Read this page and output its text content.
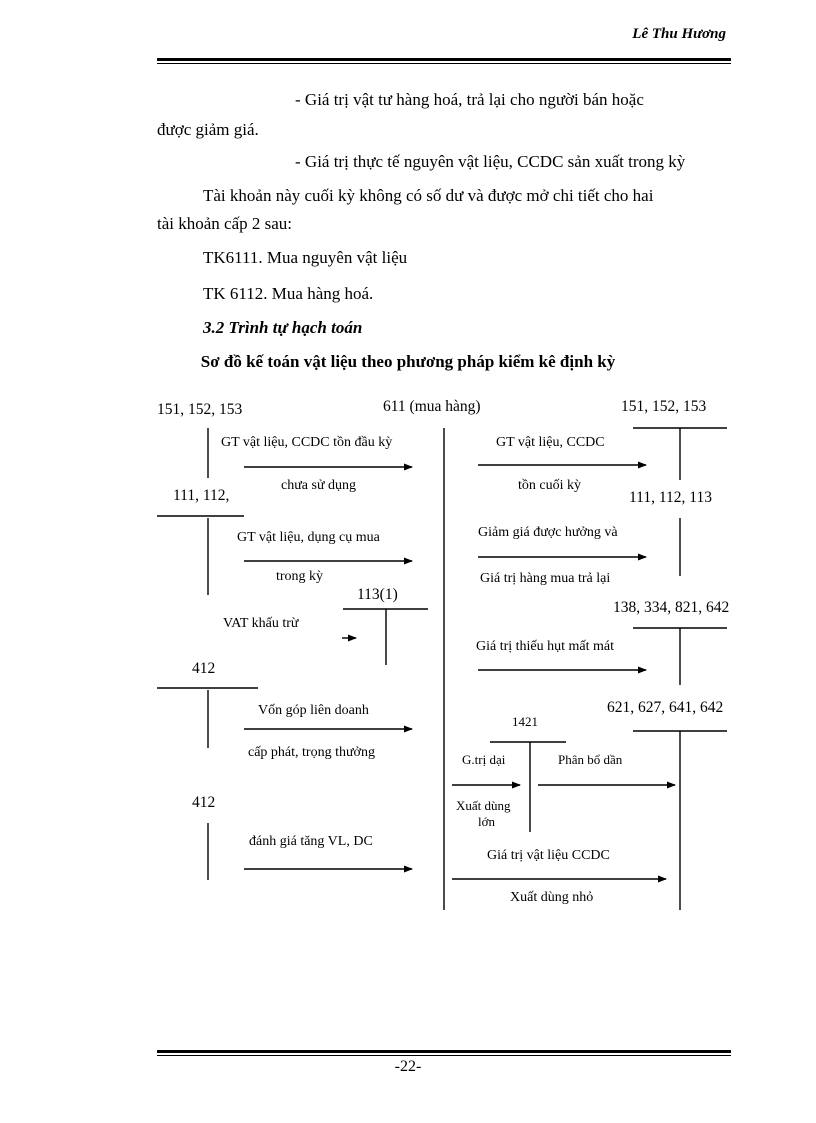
Lê Thu Hương
- Giá trị vật tư hàng hoá, trả lại cho người bán hoặc
được giảm giá.
- Giá trị thực tế nguyên vật liệu, CCDC sản xuất trong kỳ
Tài khoản này cuối kỳ không có số dư và được mở chi tiết cho hai
tài khoản cấp 2 sau:
TK6111. Mua nguyên vật liệu
TK 6112. Mua hàng hoá.
3.2 Trình tự hạch toán
Sơ đồ kế toán vật liệu theo phương pháp kiểm kê định kỳ
151, 152, 153	611 (mua hàng)	151, 152, 153
GT vật liệu, CCDC tồn đầu kỳ
chưa sử dụng
GT vật liệu, CCDC
tồn cuối kỳ
111, 112,	111, 112, 113
GT vật liệu, dụng cụ mua
trong kỳ
Giảm giá được hưởng và
Giá trị hàng mua trả lại
113(1)
VAT khấu trừ
138, 334, 821, 642
Giá trị thiếu hụt mất mát
412
Vốn góp liên doanh
cấp phát, trọng thưởng
621, 627, 641, 642
1421
G.trị dại	Phân bổ dần
Xuất dùng
lớn
412
đánh giá tăng VL, DC
Giá trị vật liệu CCDC
Xuất dùng nhỏ
-22-
